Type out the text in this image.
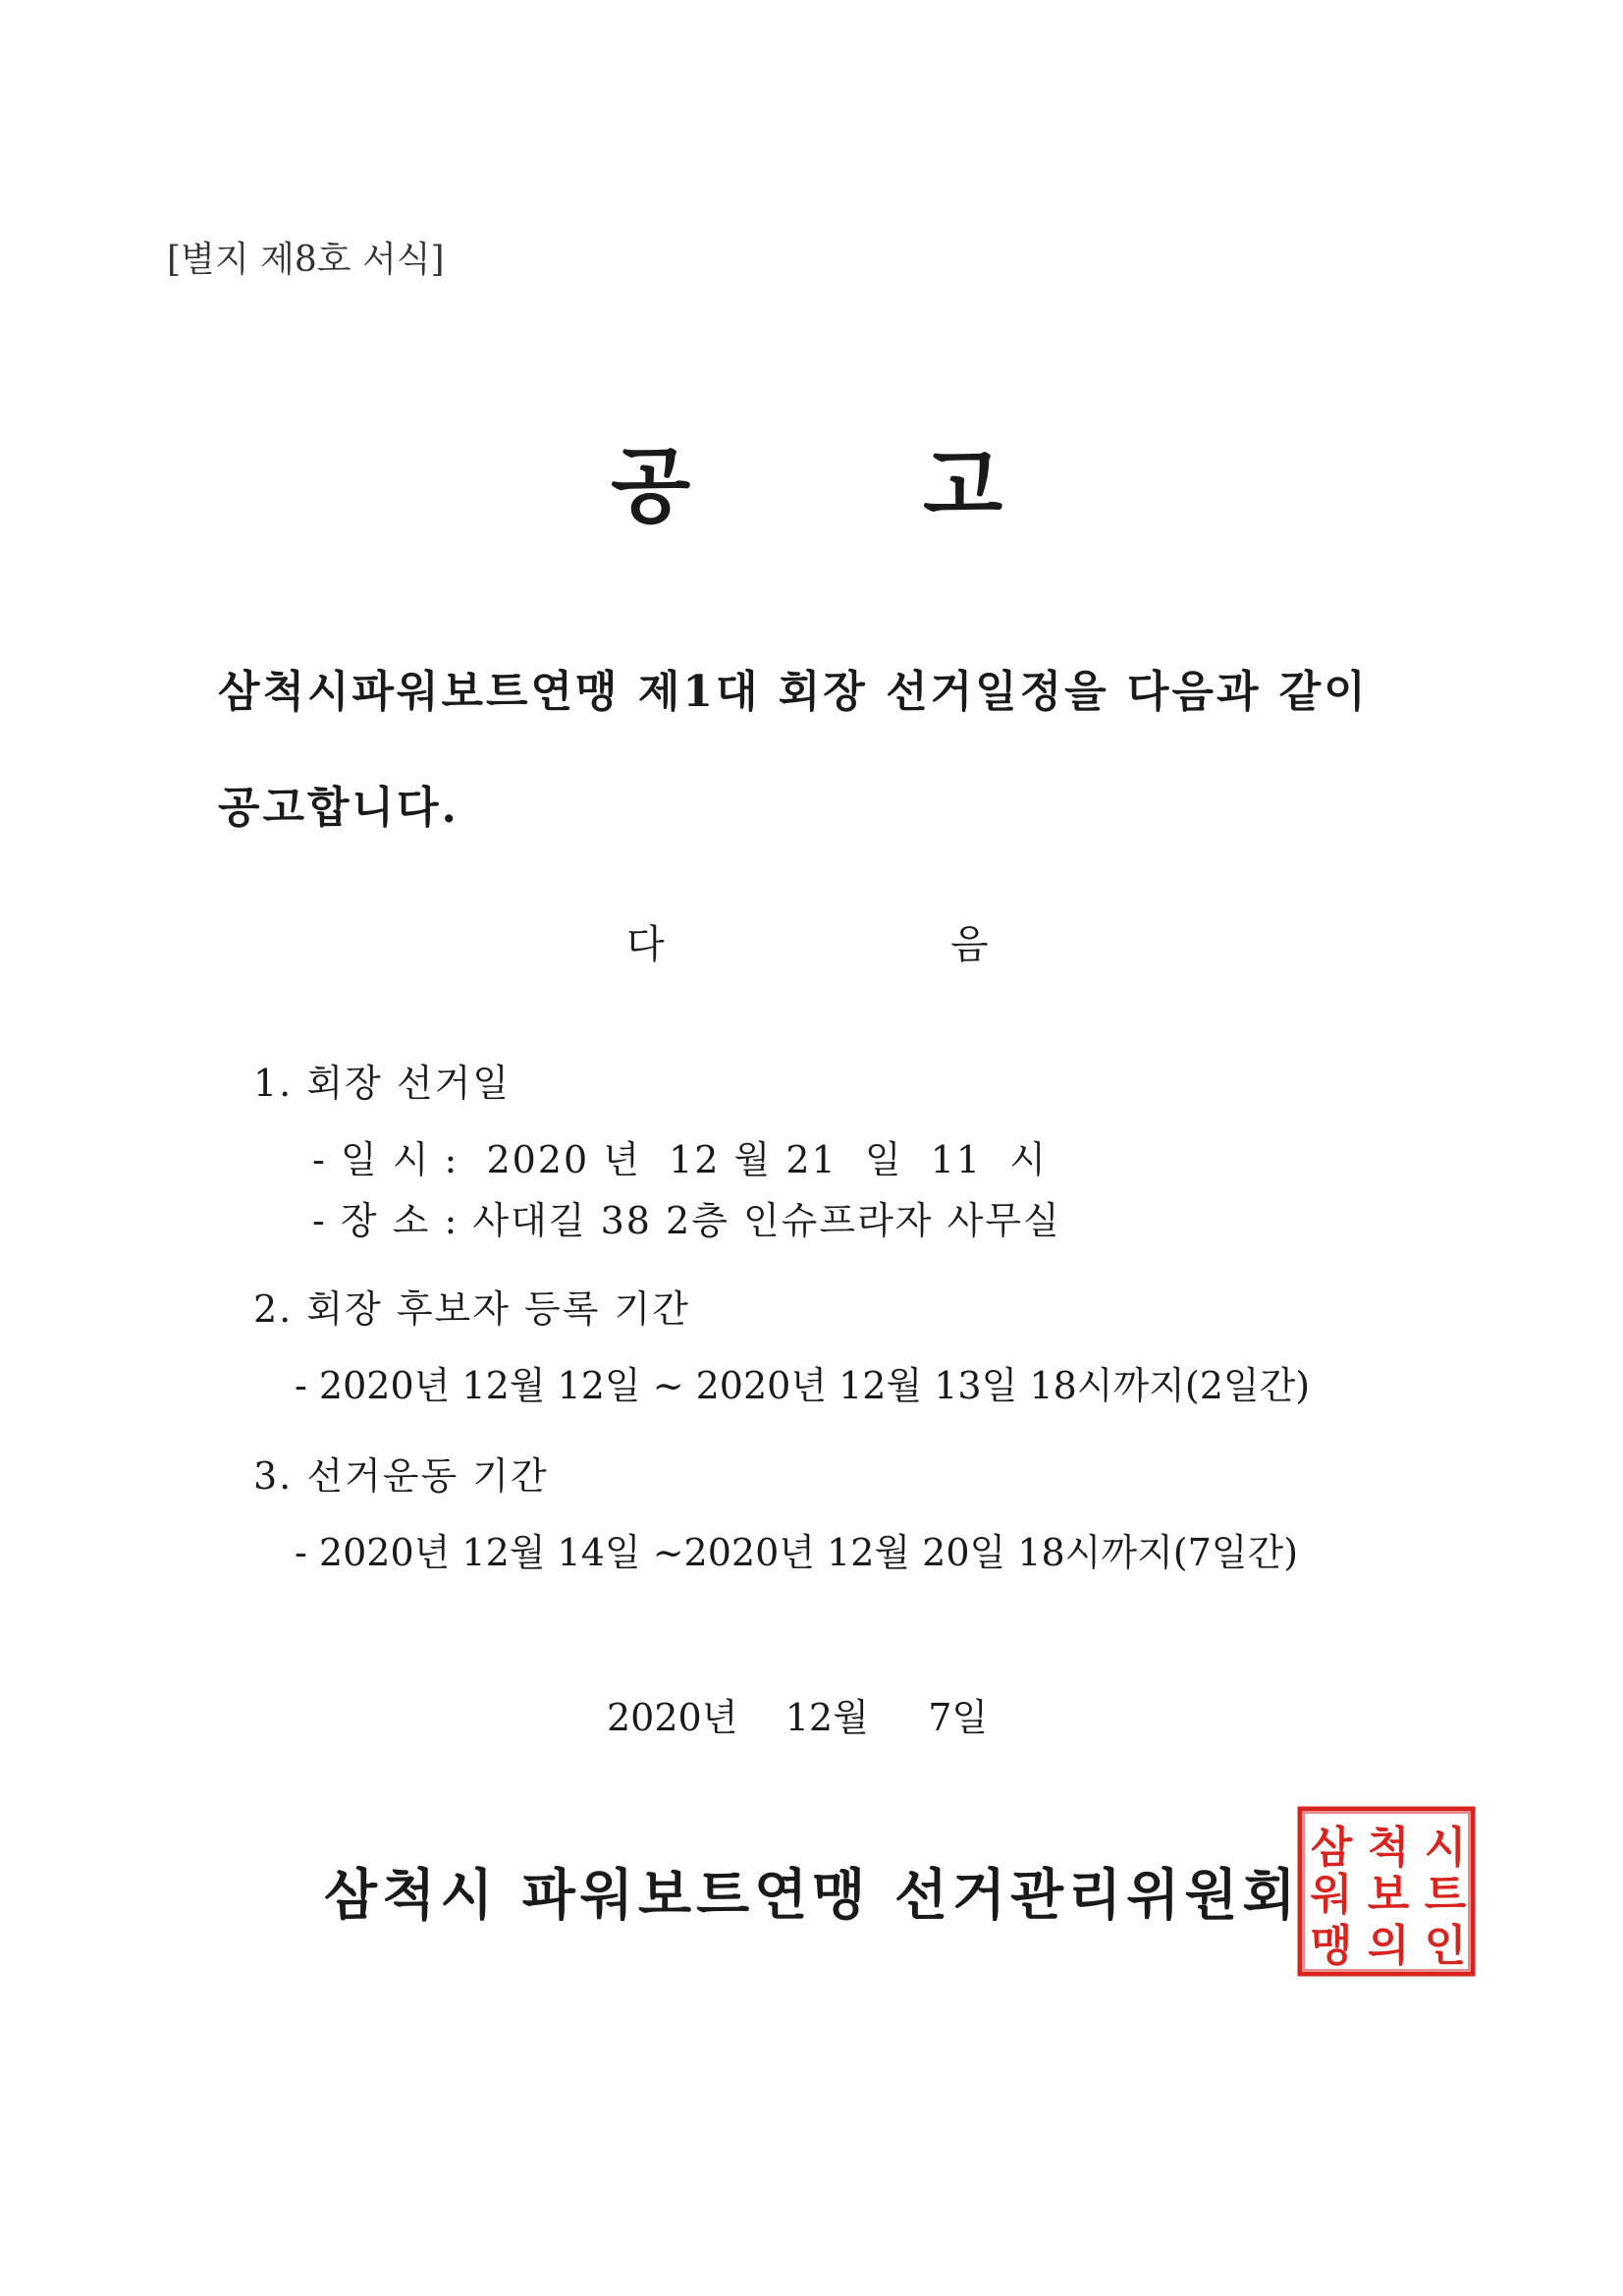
[별지 제8호 서식]
공	고
삼척시파워보트연맹 제1대 회장 선거일정을 다음과 같이
공고합니다.
다	음
1. 회장 선거일
- 일 시 :  2020 년  12 월 21  일  11  시
- 장 소 : 사대길 38 2층 인슈프라자 사무실
2. 회장 후보자 등록 기간
- 2020년 12월 12일 ~ 2020년 12월 13일 18시까지(2일간)
3. 선거운동 기간
- 2020년 12월 14일 ~2020년 12월 20일 18시까지(7일간)
2020년    12월     7일
삼척시 파워보트연맹 선거관리위원회
시
트
인
척
보
의
삼
워
맹
